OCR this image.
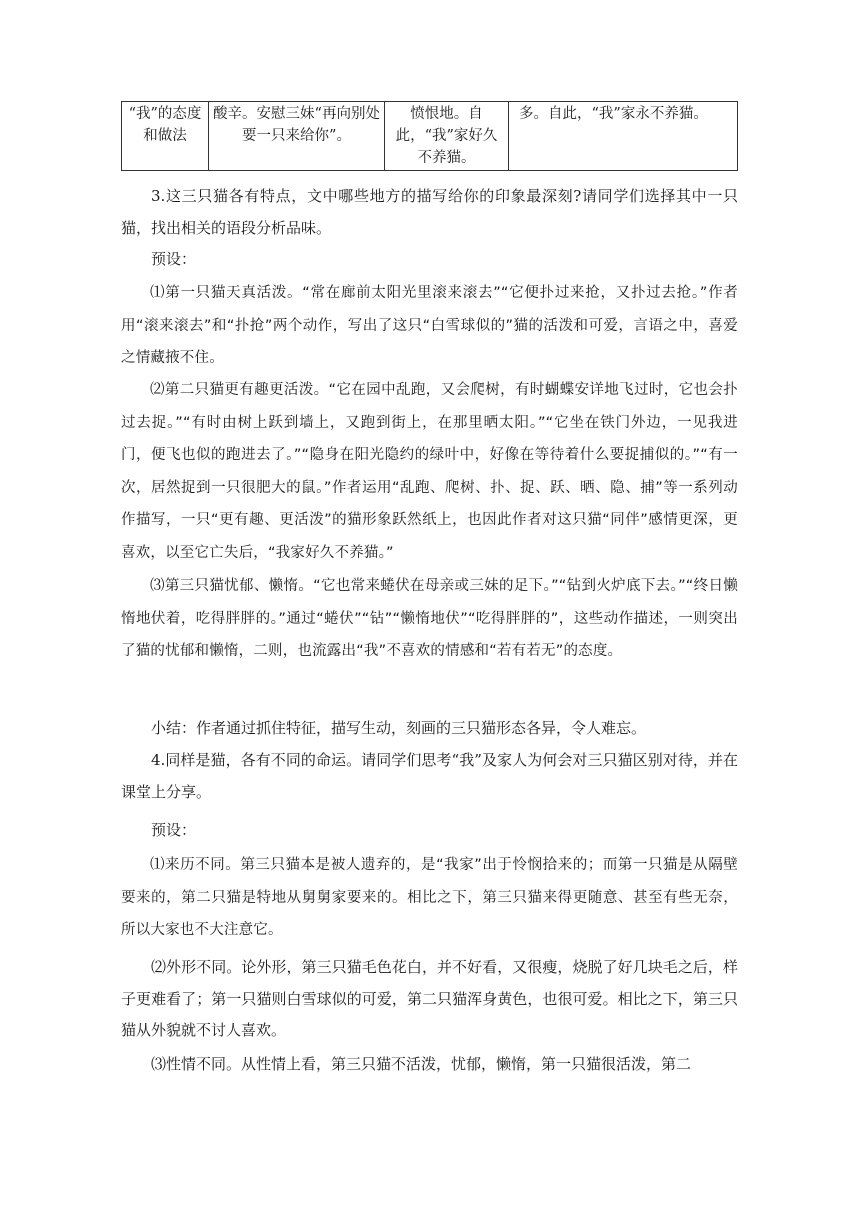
“我”的态度和做法	酸辛。安慰三妹“再向别处要一只来给你”。	愤恨地。自此，“我”家好久不养猫。	多。自此，“我”家永不养猫。

3.这三只猫各有特点，文中哪些地方的描写给你的印象最深刻?请同学们选择其中一只猫，找出相关的语段分析品味。

预设：

⑴第一只猫天真活泼。“常在廊前太阳光里滚来滚去”“它便扑过来抢，又扑过去抢。”作者用“滚来滚去”和“扑抢”两个动作，写出了这只“白雪球似的”猫的活泼和可爱，言语之中，喜爱之情藏掖不住。

⑵第二只猫更有趣更活泼。“它在园中乱跑，又会爬树，有时蝴蝶安详地飞过时，它也会扑过去捉。”“有时由树上跃到墙上，又跑到街上，在那里晒太阳。”“它坐在铁门外边，一见我进门，便飞也似的跑进去了。”“隐身在阳光隐约的绿叶中，好像在等待着什么要捉捕似的。”“有一次，居然捉到一只很肥大的鼠。”作者运用“乱跑、爬树、扑、捉、跃、晒、隐、捕”等一系列动作描写，一只“更有趣、更活泼”的猫形象跃然纸上，也因此作者对这只猫“同伴”感情更深，更喜欢，以至它亡失后，“我家好久不养猫。”

⑶第三只猫忧郁、懒惰。“它也常来蜷伏在母亲或三妹的足下。”“钻到火炉底下去。”“终日懒惰地伏着，吃得胖胖的。”通过“蜷伏”“钻”“懒惰地伏”“吃得胖胖的”，这些动作描述，一则突出了猫的忧郁和懒惰，二则，也流露出“我”不喜欢的情感和“若有若无”的态度。

小结：作者通过抓住特征，描写生动，刻画的三只猫形态各异，令人难忘。

4.同样是猫，各有不同的命运。请同学们思考“我”及家人为何会对三只猫区别对待，并在课堂上分享。

预设：

⑴来历不同。第三只猫本是被人遗弃的，是“我家”出于怜悯拾来的；而第一只猫是从隔壁要来的，第二只猫是特地从舅舅家要来的。相比之下，第三只猫来得更随意、甚至有些无奈，所以大家也不大注意它。

⑵外形不同。论外形，第三只猫毛色花白，并不好看，又很瘦，烧脱了好几块毛之后，样子更难看了；第一只猫则白雪球似的可爱，第二只猫浑身黄色，也很可爱。相比之下，第三只猫从外貌就不讨人喜欢。

⑶性情不同。从性情上看，第三只猫不活泼，忧郁，懒惰，第一只猫很活泼，第二
